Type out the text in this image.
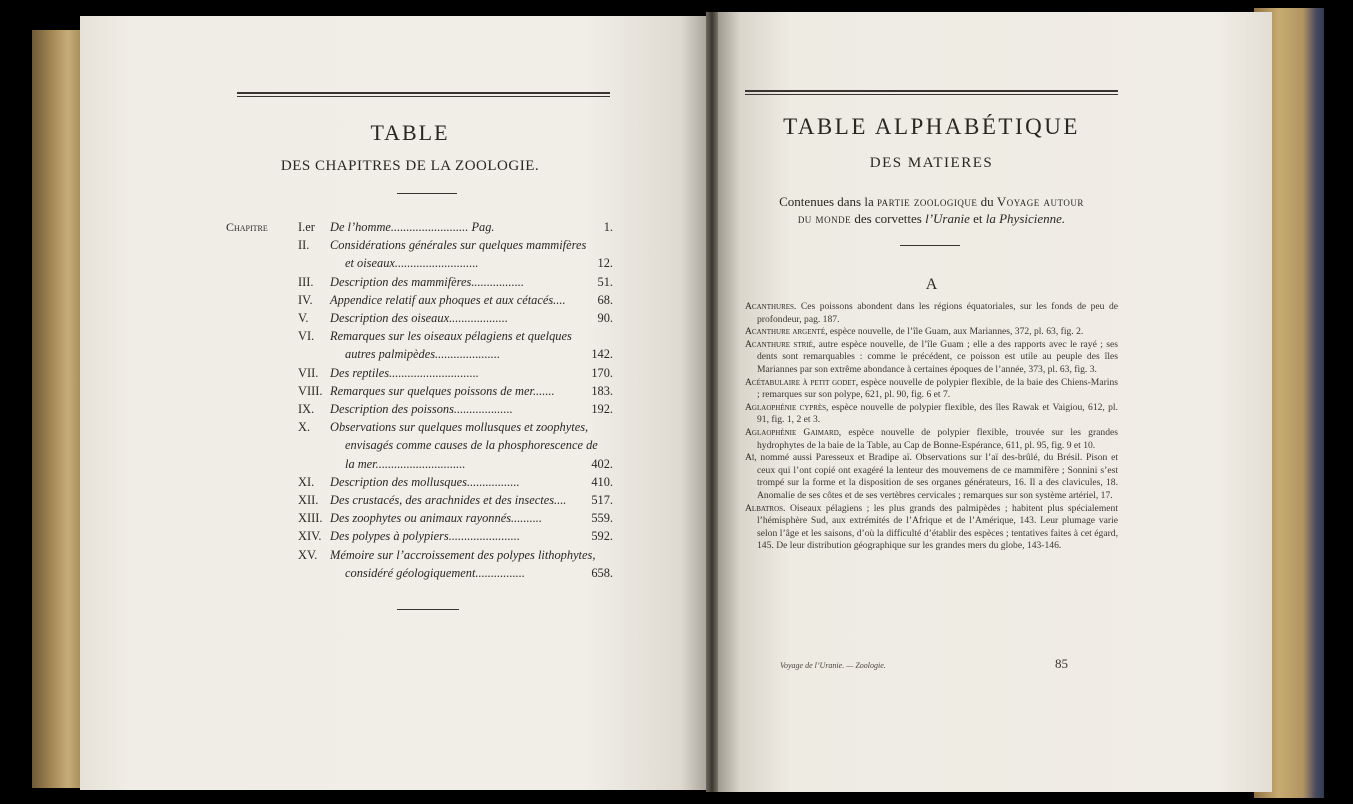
TABLE
DES CHAPITRES DE LA ZOOLOGIE.
Chapitre I.er De l’homme......................... Pag.	1.
II. Considérations générales sur quelques mammifères
et oiseaux...........................	12.
III. Description des mammifères.................	51.
IV. Appendice relatif aux phoques et aux cétacés....	68.
V. Description des oiseaux...................	90.
VI. Remarques sur les oiseaux pélagiens et quelques
autres palmipèdes.....................	142.
VII. Des reptiles.............................	170.
VIII. Remarques sur quelques poissons de mer.......	183.
IX. Description des poissons...................	192.
X. Observations sur quelques mollusques et zoophytes,
envisagés comme causes de la phosphorescence de
la mer.............................	402.
XI. Description des mollusques.................	410.
XII. Des crustacés, des arachnides et des insectes....	517.
XIII. Des zoophytes ou animaux rayonnés..........	559.
XIV. Des polypes à polypiers.......................	592.
XV. Mémoire sur l’accroissement des polypes lithophytes,
considéré géologiquement................	658.
TABLE ALPHABÉTIQUE
DES MATIERES
Contenues dans la partie zoologique du Voyage autour
du monde des corvettes l’Uranie et la Physicienne.
A

Acanthures. Ces poissons abondent dans les régions équatoriales, sur les fonds de peu de profondeur, pag. 187.

Acanthure argenté, espèce nouvelle, de l’île Guam, aux Mariannes, 372, pl. 63, fig. 2.

Acanthure strié, autre espèce nouvelle, de l’île Guam ; elle a des rapports avec le rayé ; ses dents sont remarquables : comme le précédent, ce poisson est utile au peuple des îles Mariannes par son extrême abondance à certaines époques de l’année, 373, pl. 63, fig. 3.

Acétabulaire à petit godet, espèce nouvelle de polypier flexible, de la baie des Chiens-Marins ; remarques sur son polype, 621, pl. 90, fig. 6 et 7.

Aglaophénie cyprès, espèce nouvelle de polypier flexible, des îles Rawak et Vaigiou, 612, pl. 91, fig. 1, 2 et 3.

Aglaophénie Gaimard, espèce nouvelle de polypier flexible, trouvée sur les grandes hydrophytes de la baie de la Table, au Cap de Bonne-Espérance, 611, pl. 95, fig. 9 et 10.

Aï, nommé aussi Paresseux et Bradipe aï. Observations sur l’aï des-brûlé, du Brésil. Pison et ceux qui l’ont copié ont exagéré la lenteur des mouvemens de ce mammifère ; Sonnini s’est trompé sur la forme et la disposition de ses organes générateurs, 16. Il a des clavicules, 18. Anomalie de ses côtes et de ses vertèbres cervicales ; remarques sur son système artériel, 17.

Albatros. Oiseaux pélagiens ; les plus grands des palmipèdes ; habitent plus spécialement l’hémisphère Sud, aux extrémités de l’Afrique et de l’Amérique, 143. Leur plumage varie selon l’âge et les saisons, d’où la difficulté d’établir des espèces ; tentatives faites à cet égard, 145. De leur distribution géographique sur les grandes mers du globe, 143-146.

Voyage de l’Uranie. — Zoologie.	85
